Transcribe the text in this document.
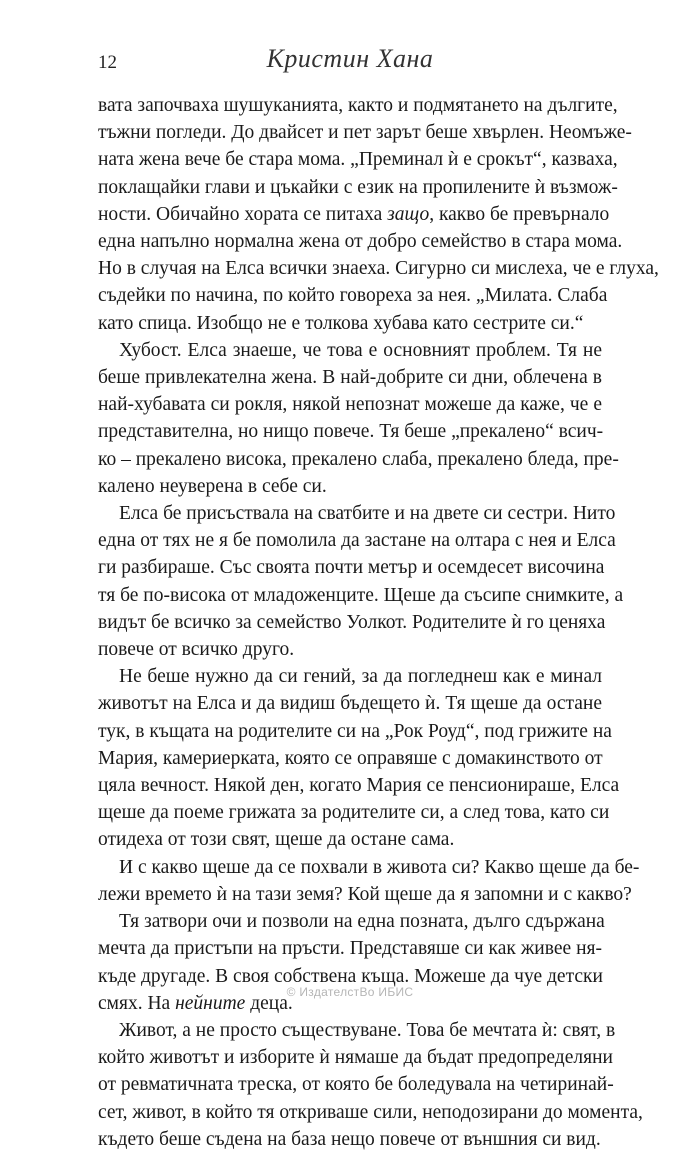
12	Кристин Хана
вата започваха шушуканията, както и подмятането на дългите,
тъжни погледи. До двайсет и пет зарът беше хвърлен. Неомъже-
ната жена вече бе стара мома. „Преминал ѝ е срокът“, казваха,
поклащайки глави и цъкайки с език на пропилените ѝ възмож-
ности. Обичайно хората се питаха защо, какво бе превърнало
една напълно нормална жена от добро семейство в стара мома.
Но в случая на Елса всички знаеха. Сигурно си мислеха, че е глуха,
съдейки по начина, по който говореха за нея. „Милата. Слаба
като спица. Изобщо не е толкова хубава като сестрите си.“
Хубост. Елса знаеше, че това е основният проблем. Тя не
беше привлекателна жена. В най-добрите си дни, облечена в
най-хубавата си рокля, някой непознат можеше да каже, че е
представителна, но нищо повече. Тя беше „прекалено“ всич-
ко – прекалено висока, прекалено слаба, прекалено бледа, пре-
калено неуверена в себе си.
Елса бе присъствала на сватбите и на двете си сестри. Нито
една от тях не я бе помолила да застане на олтара с нея и Елса
ги разбираше. Със своята почти метър и осемдесет височина
тя бе по-висока от младоженците. Щеше да съсипе снимките, а
видът бе всичко за семейство Уолкот. Родителите ѝ го ценяха
повече от всичко друго.
Не беше нужно да си гений, за да погледнеш как е минал
животът на Елса и да видиш бъдещето ѝ. Тя щеше да остане
тук, в къщата на родителите си на „Рок Роуд“, под грижите на
Мария, камериерката, която се оправяше с домакинството от
цяла вечност. Някой ден, когато Мария се пенсионираше, Елса
щеше да поеме грижата за родителите си, а след това, като си
отидеха от този свят, щеше да остане сама.
И с какво щеше да се похвали в живота си? Какво щеше да бе-
лежи времето ѝ на тази земя? Кой щеше да я запомни и с какво?
Тя затвори очи и позволи на една позната, дълго сдържана
мечта да пристъпи на пръсти. Представяше си как живее ня-
къде другаде. В своя собствена къща. Можеше да чуе детски
смях. На нейните деца.
Живот, а не просто съществуване. Това бе мечтата ѝ: свят, в
който животът и изборите ѝ нямаше да бъдат предопределяни
от ревматичната треска, от която бе боледувала на четиринай-
сет, живот, в който тя откриваше сили, неподозирани до момента,
където беше съдена на база нещо повече от външния си вид.
© ИздателстВо ИБИС
